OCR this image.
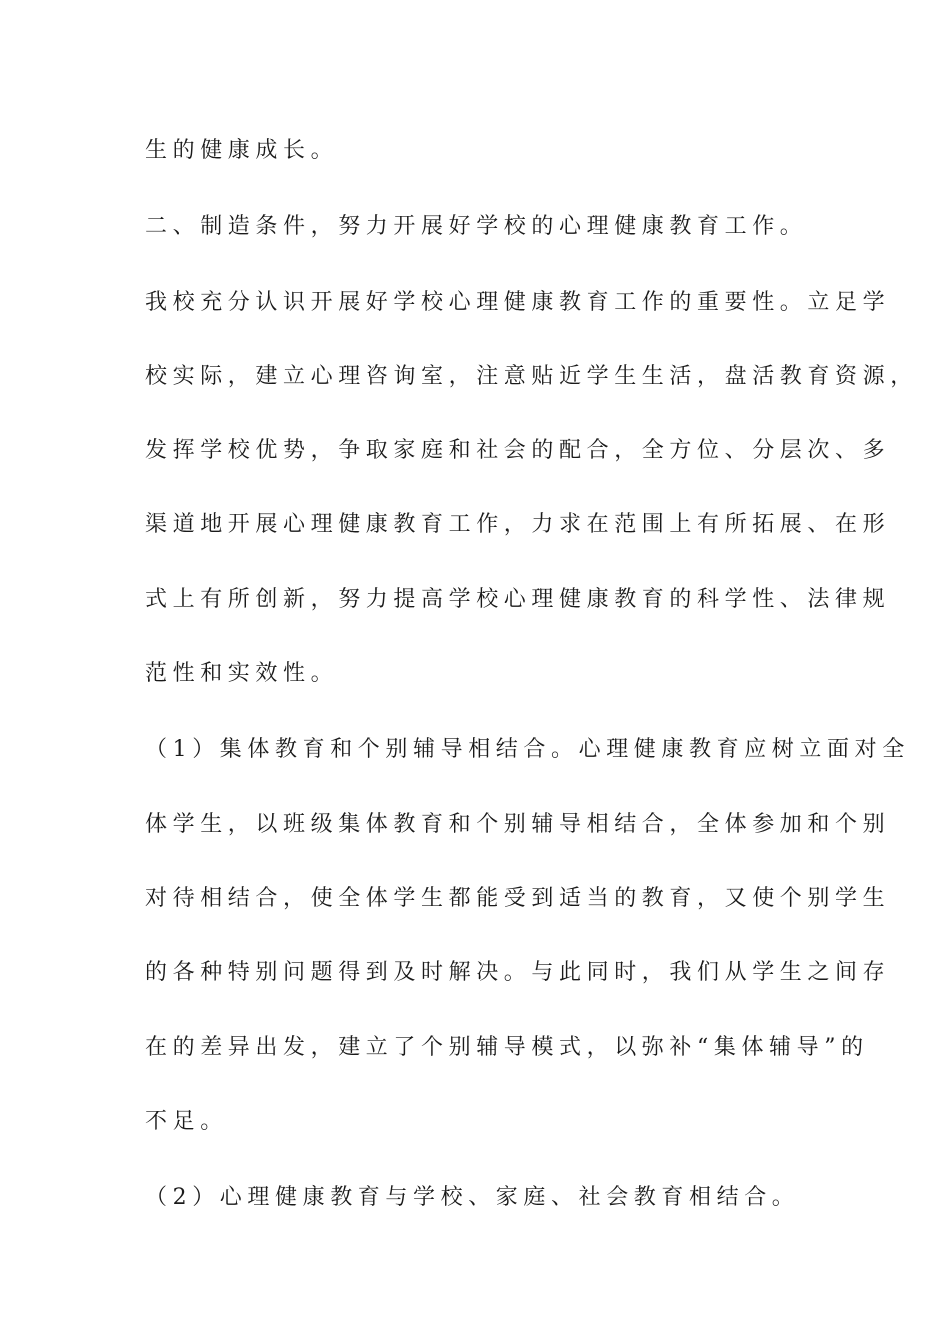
生的健康成长。
二、制造条件，努力开展好学校的心理健康教育工作。
我校充分认识开展好学校心理健康教育工作的重要性。立足学
校实际，建立心理咨询室，注意贴近学生生活，盘活教育资源，
发挥学校优势，争取家庭和社会的配合，全方位、分层次、多
渠道地开展心理健康教育工作，力求在范围上有所拓展、在形
式上有所创新，努力提高学校心理健康教育的科学性、法律规
范性和实效性。
（1）集体教育和个别辅导相结合。心理健康教育应树立面对全
体学生，以班级集体教育和个别辅导相结合，全体参加和个别
对待相结合，使全体学生都能受到适当的教育，又使个别学生
的各种特别问题得到及时解决。与此同时，我们从学生之间存
在的差异出发，建立了个别辅导模式，以弥补“集体辅导”的
不足。
（2）心理健康教育与学校、家庭、社会教育相结合。
